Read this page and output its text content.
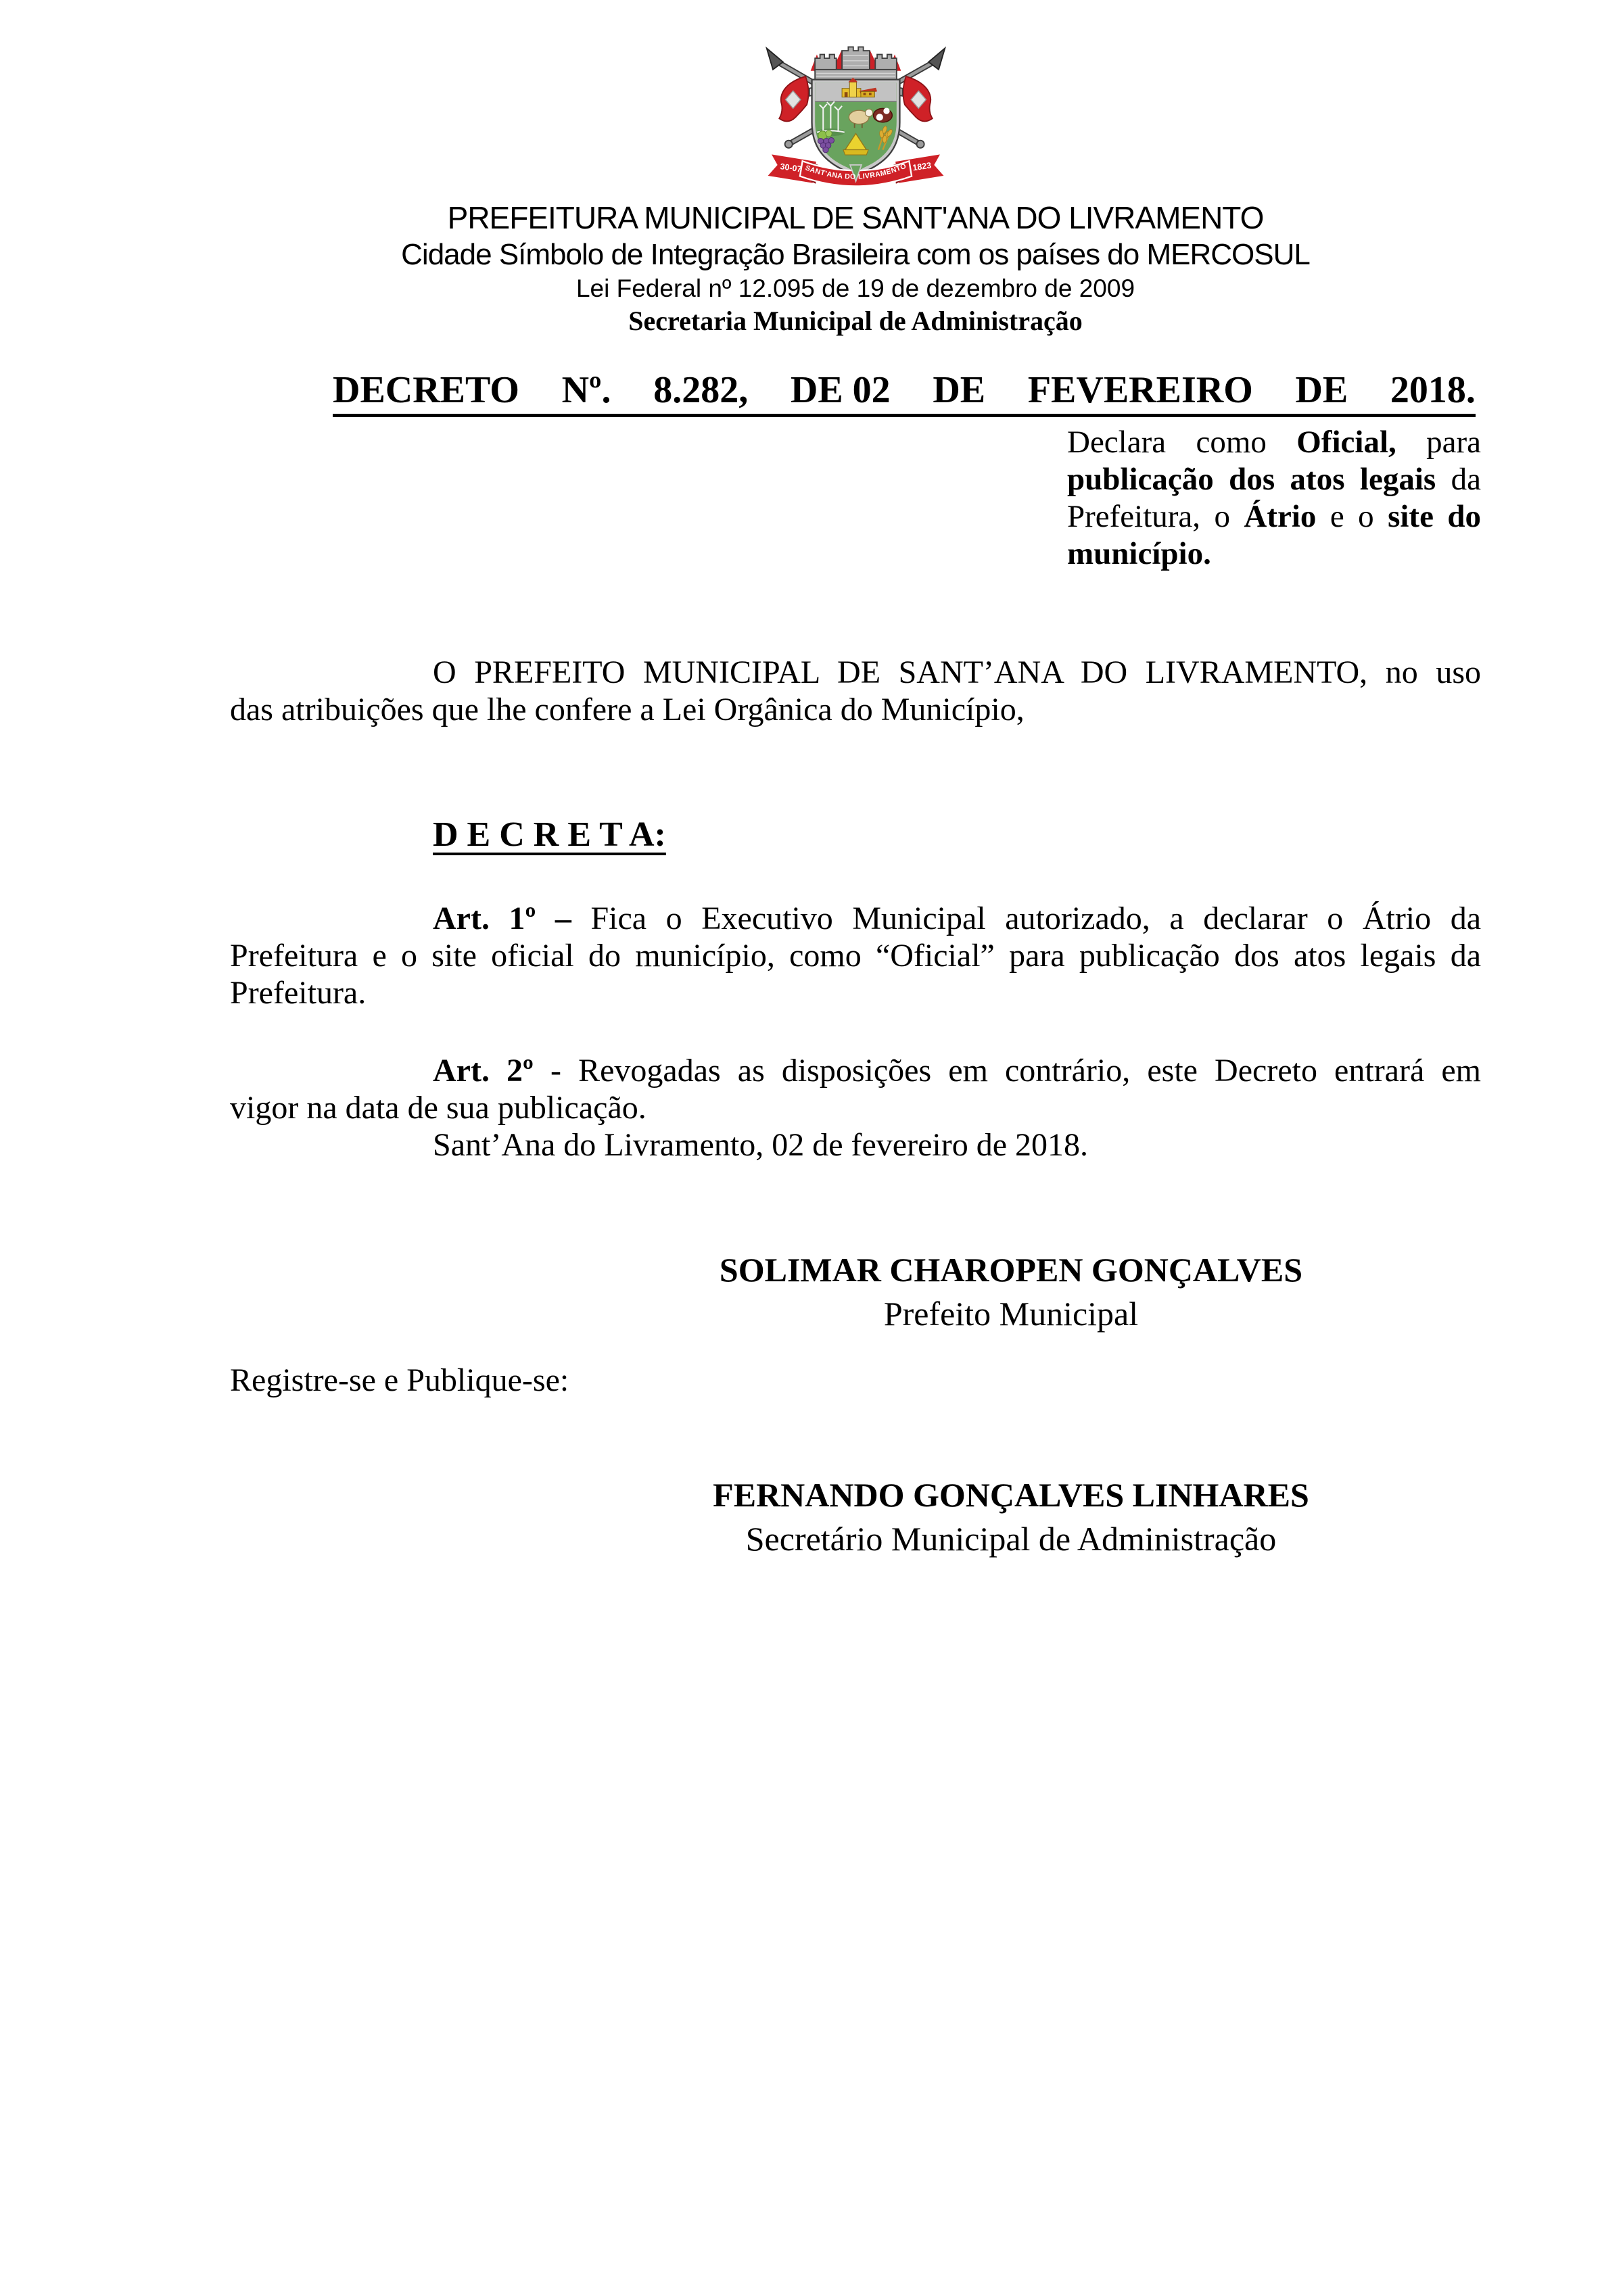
30-07	1823
SANT'ANA DO LIVRAMENTO
PREFEITURA MUNICIPAL DE SANT'ANA DO LIVRAMENTO
Cidade Símbolo de Integração Brasileira com os países do MERCOSUL
Lei Federal nº 12.095 de 19 de dezembro de 2009
Secretaria Municipal de Administração
DECRETO Nº. 8.282, DE 02 DE FEVEREIRO DE 2018.
Declara como Oficial, para
publicação dos atos legais da
Prefeitura, o Átrio e o site do
município.
O PREFEITO MUNICIPAL DE SANT’ANA DO LIVRAMENTO, no uso
das atribuições que lhe confere a Lei Orgânica do Município,
D E C R E T A:
Art. 1º – Fica o Executivo Municipal autorizado, a declarar o Átrio da
Prefeitura e o site oficial do município, como “Oficial” para publicação dos atos legais da
Prefeitura.
Art. 2º - Revogadas as disposições em contrário, este Decreto entrará em
vigor na data de sua publicação.
Sant’Ana do Livramento, 02 de fevereiro de 2018.
SOLIMAR CHAROPEN GONÇALVES
Prefeito Municipal
Registre-se e Publique-se:
FERNANDO GONÇALVES LINHARES
Secretário Municipal de Administração
